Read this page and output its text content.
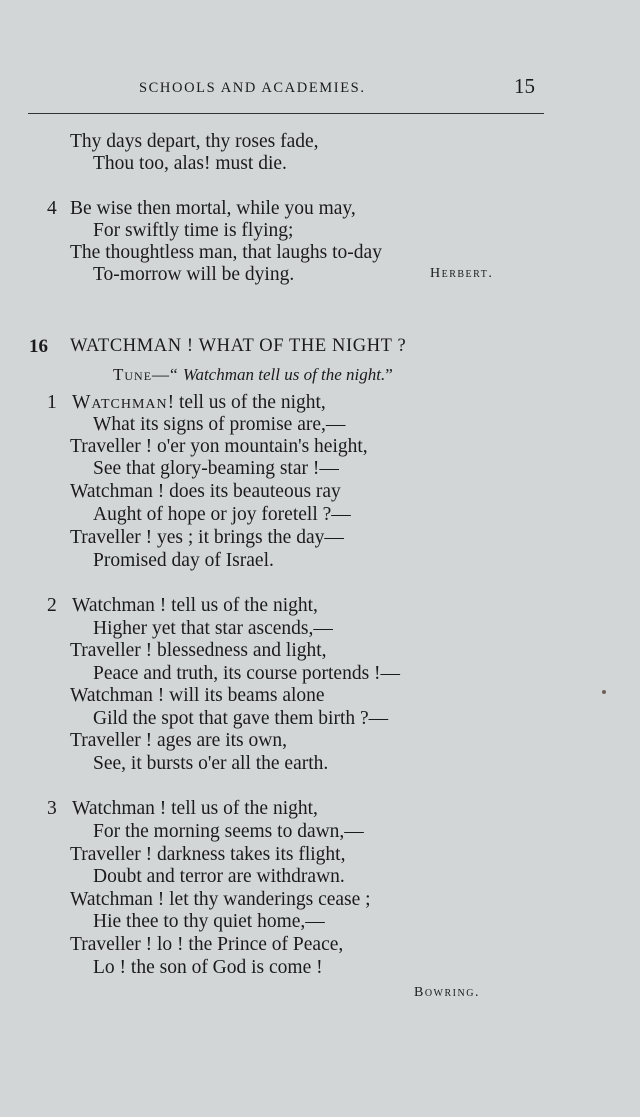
SCHOOLS AND ACADEMIES.	15
Thy days depart, thy roses fade,
Thou too, alas! must die.
4 Be wise then mortal, while you may,
For swiftly time is flying;
The thoughtless man, that laughs to-day
To-morrow will be dying.	Herbert.
16 WATCHMAN ! WHAT OF THE NIGHT ?
Tune—“ Watchman tell us of the night.”
1 Watchman! tell us of the night,
What its signs of promise are,—
Traveller ! o'er yon mountain's height,
See that glory-beaming star !—
Watchman ! does its beauteous ray
Aught of hope or joy foretell ?—
Traveller ! yes ; it brings the day—
Promised day of Israel.
2 Watchman ! tell us of the night,
Higher yet that star ascends,—
Traveller ! blessedness and light,
Peace and truth, its course portends !—
Watchman ! will its beams alone
Gild the spot that gave them birth ?—
Traveller ! ages are its own,
See, it bursts o'er all the earth.
3 Watchman ! tell us of the night,
For the morning seems to dawn,—
Traveller ! darkness takes its flight,
Doubt and terror are withdrawn.
Watchman ! let thy wanderings cease ;
Hie thee to thy quiet home,—
Traveller ! lo ! the Prince of Peace,
Lo ! the son of God is come !
Bowring.
